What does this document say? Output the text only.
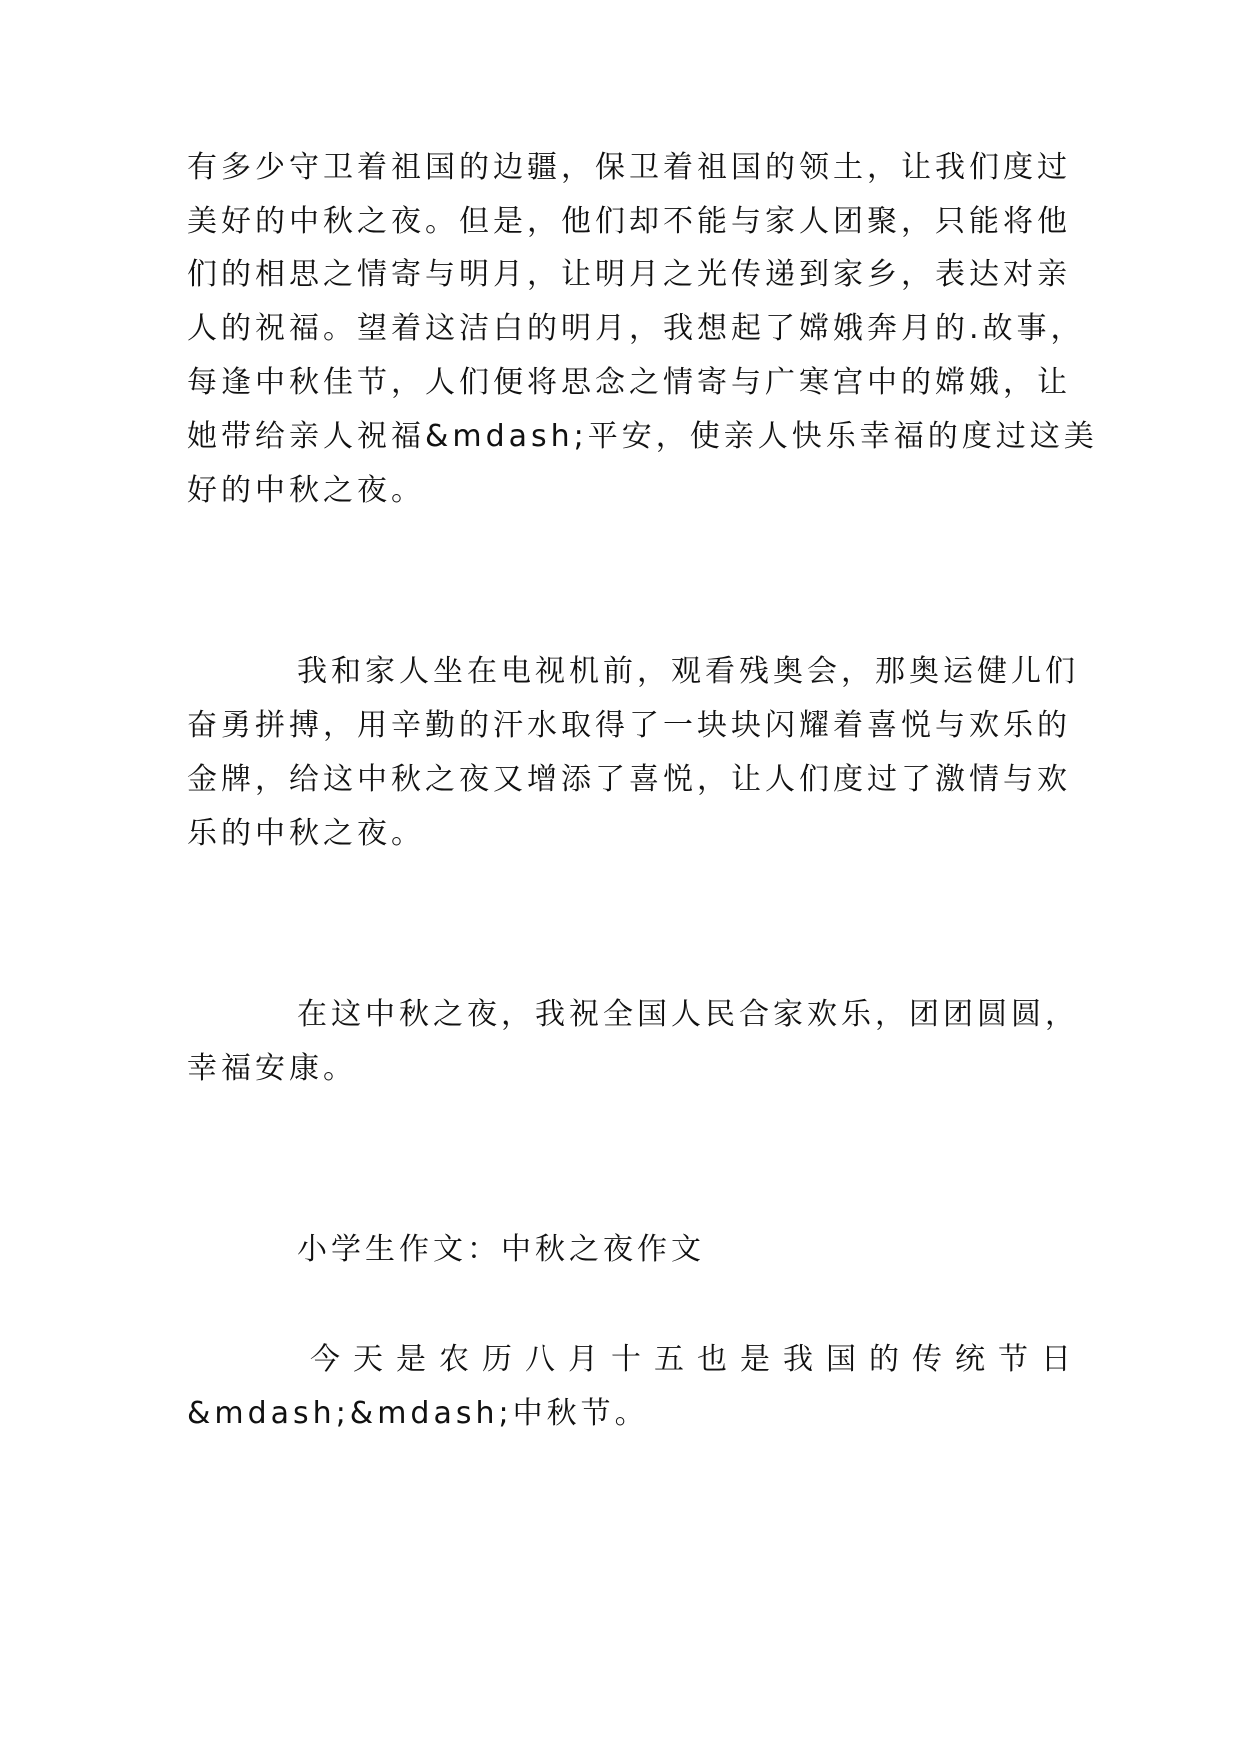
有多少守卫着祖国的边疆，保卫着祖国的领土，让我们度过

美好的中秋之夜。但是，他们却不能与家人团聚，只能将他

们的相思之情寄与明月，让明月之光传递到家乡，表达对亲

人的祝福。望着这洁白的明月，我想起了嫦娥奔月的.故事，

每逢中秋佳节，人们便将思念之情寄与广寒宫中的嫦娥，让

她带给亲人祝福&mdash;平安，使亲人快乐幸福的度过这美

好的中秋之夜。

我和家人坐在电视机前，观看残奥会，那奥运健儿们

奋勇拼搏，用辛勤的汗水取得了一块块闪耀着喜悦与欢乐的

金牌，给这中秋之夜又增添了喜悦，让人们度过了激情与欢

乐的中秋之夜。

在这中秋之夜，我祝全国人民合家欢乐，团团圆圆，

幸福安康。

小学生作文：中秋之夜作文

今天是农历八月十五也是我国的传统节日

&mdash;&mdash;中秋节。
